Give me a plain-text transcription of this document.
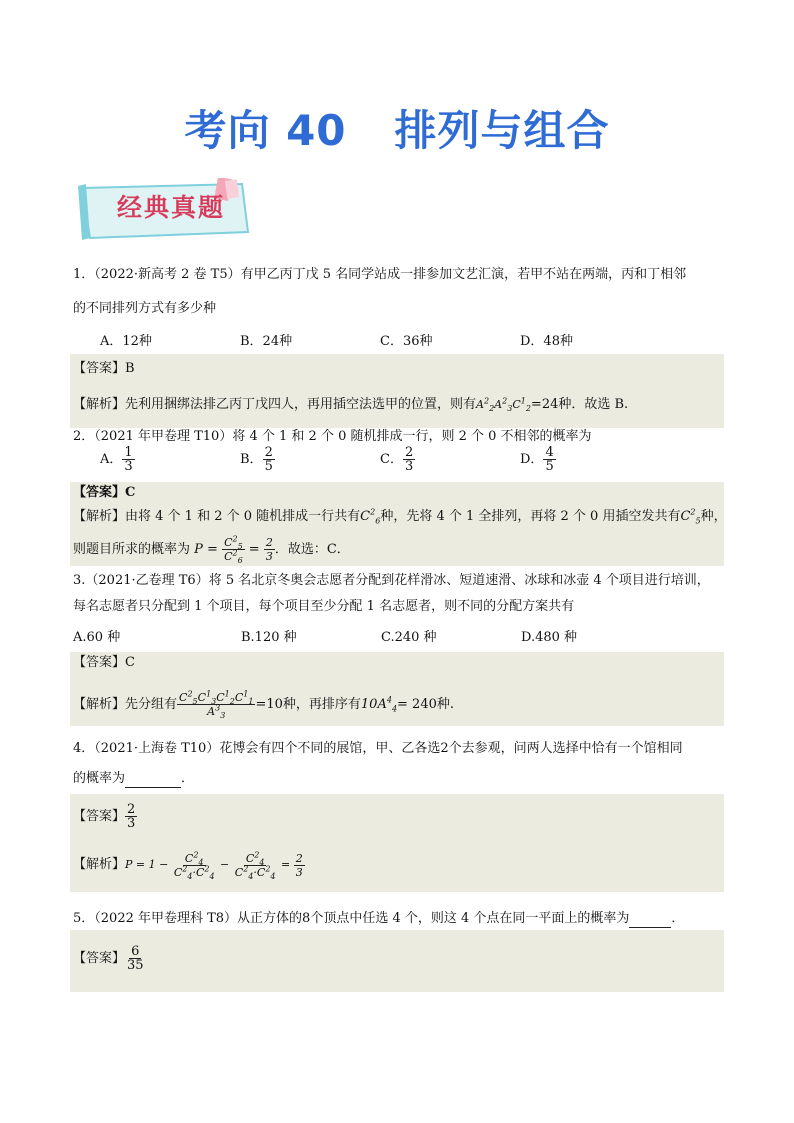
考向 40 排列与组合
经典真题
1．（2022·新高考 2 卷 T5）有甲乙丙丁戊 5 名同学站成一排参加文艺汇演，若甲不站在两端，丙和丁相邻
的不同排列方式有多少种
A．12种	B．24种	C．36种	D．48种
【答案】B
【解析】先利用捆绑法排乙丙丁戊四人，再用插空法选甲的位置，则有$A^2_2A^2_3C^1_2=24$种．故选 B.
2．（2021 年甲卷理 T10）将 4 个 1 和 2 个 0 随机排成一行，则 2 个 0 不相邻的概率为
A． $\frac{1}{3}$	B． $\frac{2}{5}$	C． $\frac{2}{3}$	D． $\frac{4}{5}$
【答案】C
【解析】由将 4 个 1 和 2 个 0 随机排成一行共有$C^2_6$种，先将 4 个 1 全排列，再将 2 个 0 用插空发共有$C^2_5$种，
则题目所求的概率为 $P = \frac{C^2_5}{C^2_6} = \frac{2}{3}$ ．故选：C．
3.（2021·乙卷理 T6）将 5 名北京冬奥会志愿者分配到花样滑冰、短道速滑、冰球和冰壶 4 个项目进行培训，
每名志愿者只分配到 1 个项目，每个项目至少分配 1 名志愿者，则不同的分配方案共有
A.60 种	B.120 种	C.240 种	D.480 种
【答案】C
【解析】先分组有 $\frac{C^2_5C^1_3C^1_2C^1_1}{A^3_3} =10$种，再排序有$10A^4_4= 240$种.
4．（2021·上海卷 T10）花博会有四个不同的展馆，甲、乙各选2个去参观，问两人选择中恰有一个馆相同
的概率为	．
【答案】 $\frac{2}{3}$
【解析】$P = 1 - \frac{C^2_4}{C^2_4\cdot C^2_4} - \frac{C^2_4}{C^2_4\cdot C^2_4} = \frac{2}{3}$
5．（2022 年甲卷理科 T8）从正方体的8个顶点中任选 4 个，则这 4 个点在同一平面上的概率为	．
【答案】 $\frac{6}{35}$
